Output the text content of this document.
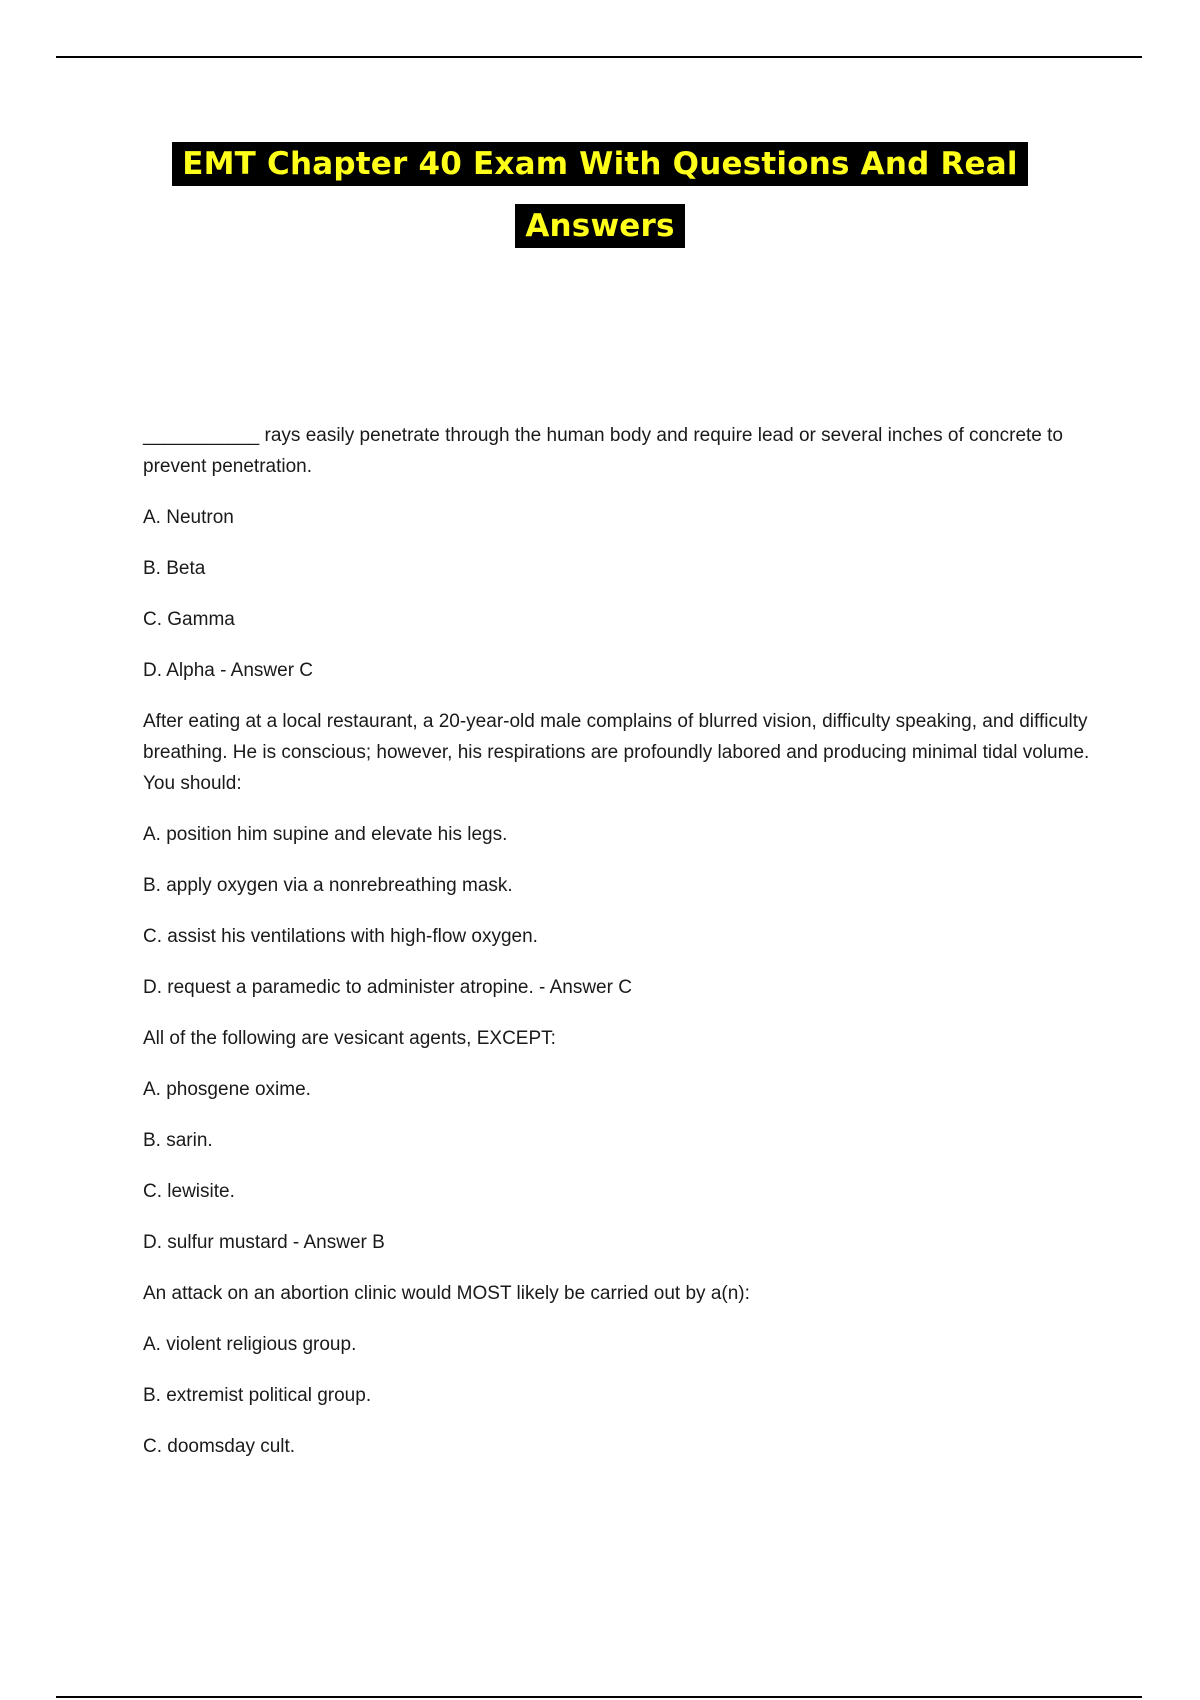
EMT Chapter 40 Exam With Questions And Real
Answers

___________ rays easily penetrate through the human body and require lead or several inches of concrete to prevent penetration.

A. Neutron

B. Beta

C. Gamma

D. Alpha - Answer C

After eating at a local restaurant, a 20-year-old male complains of blurred vision, difficulty speaking, and difficulty breathing. He is conscious; however, his respirations are profoundly labored and producing minimal tidal volume. You should:

A. position him supine and elevate his legs.

B. apply oxygen via a nonrebreathing mask.

C. assist his ventilations with high-flow oxygen.

D. request a paramedic to administer atropine. - Answer C

All of the following are vesicant agents, EXCEPT:

A. phosgene oxime.

B. sarin.

C. lewisite.

D. sulfur mustard - Answer B

An attack on an abortion clinic would MOST likely be carried out by a(n):

A. violent religious group.

B. extremist political group.

C. doomsday cult.
